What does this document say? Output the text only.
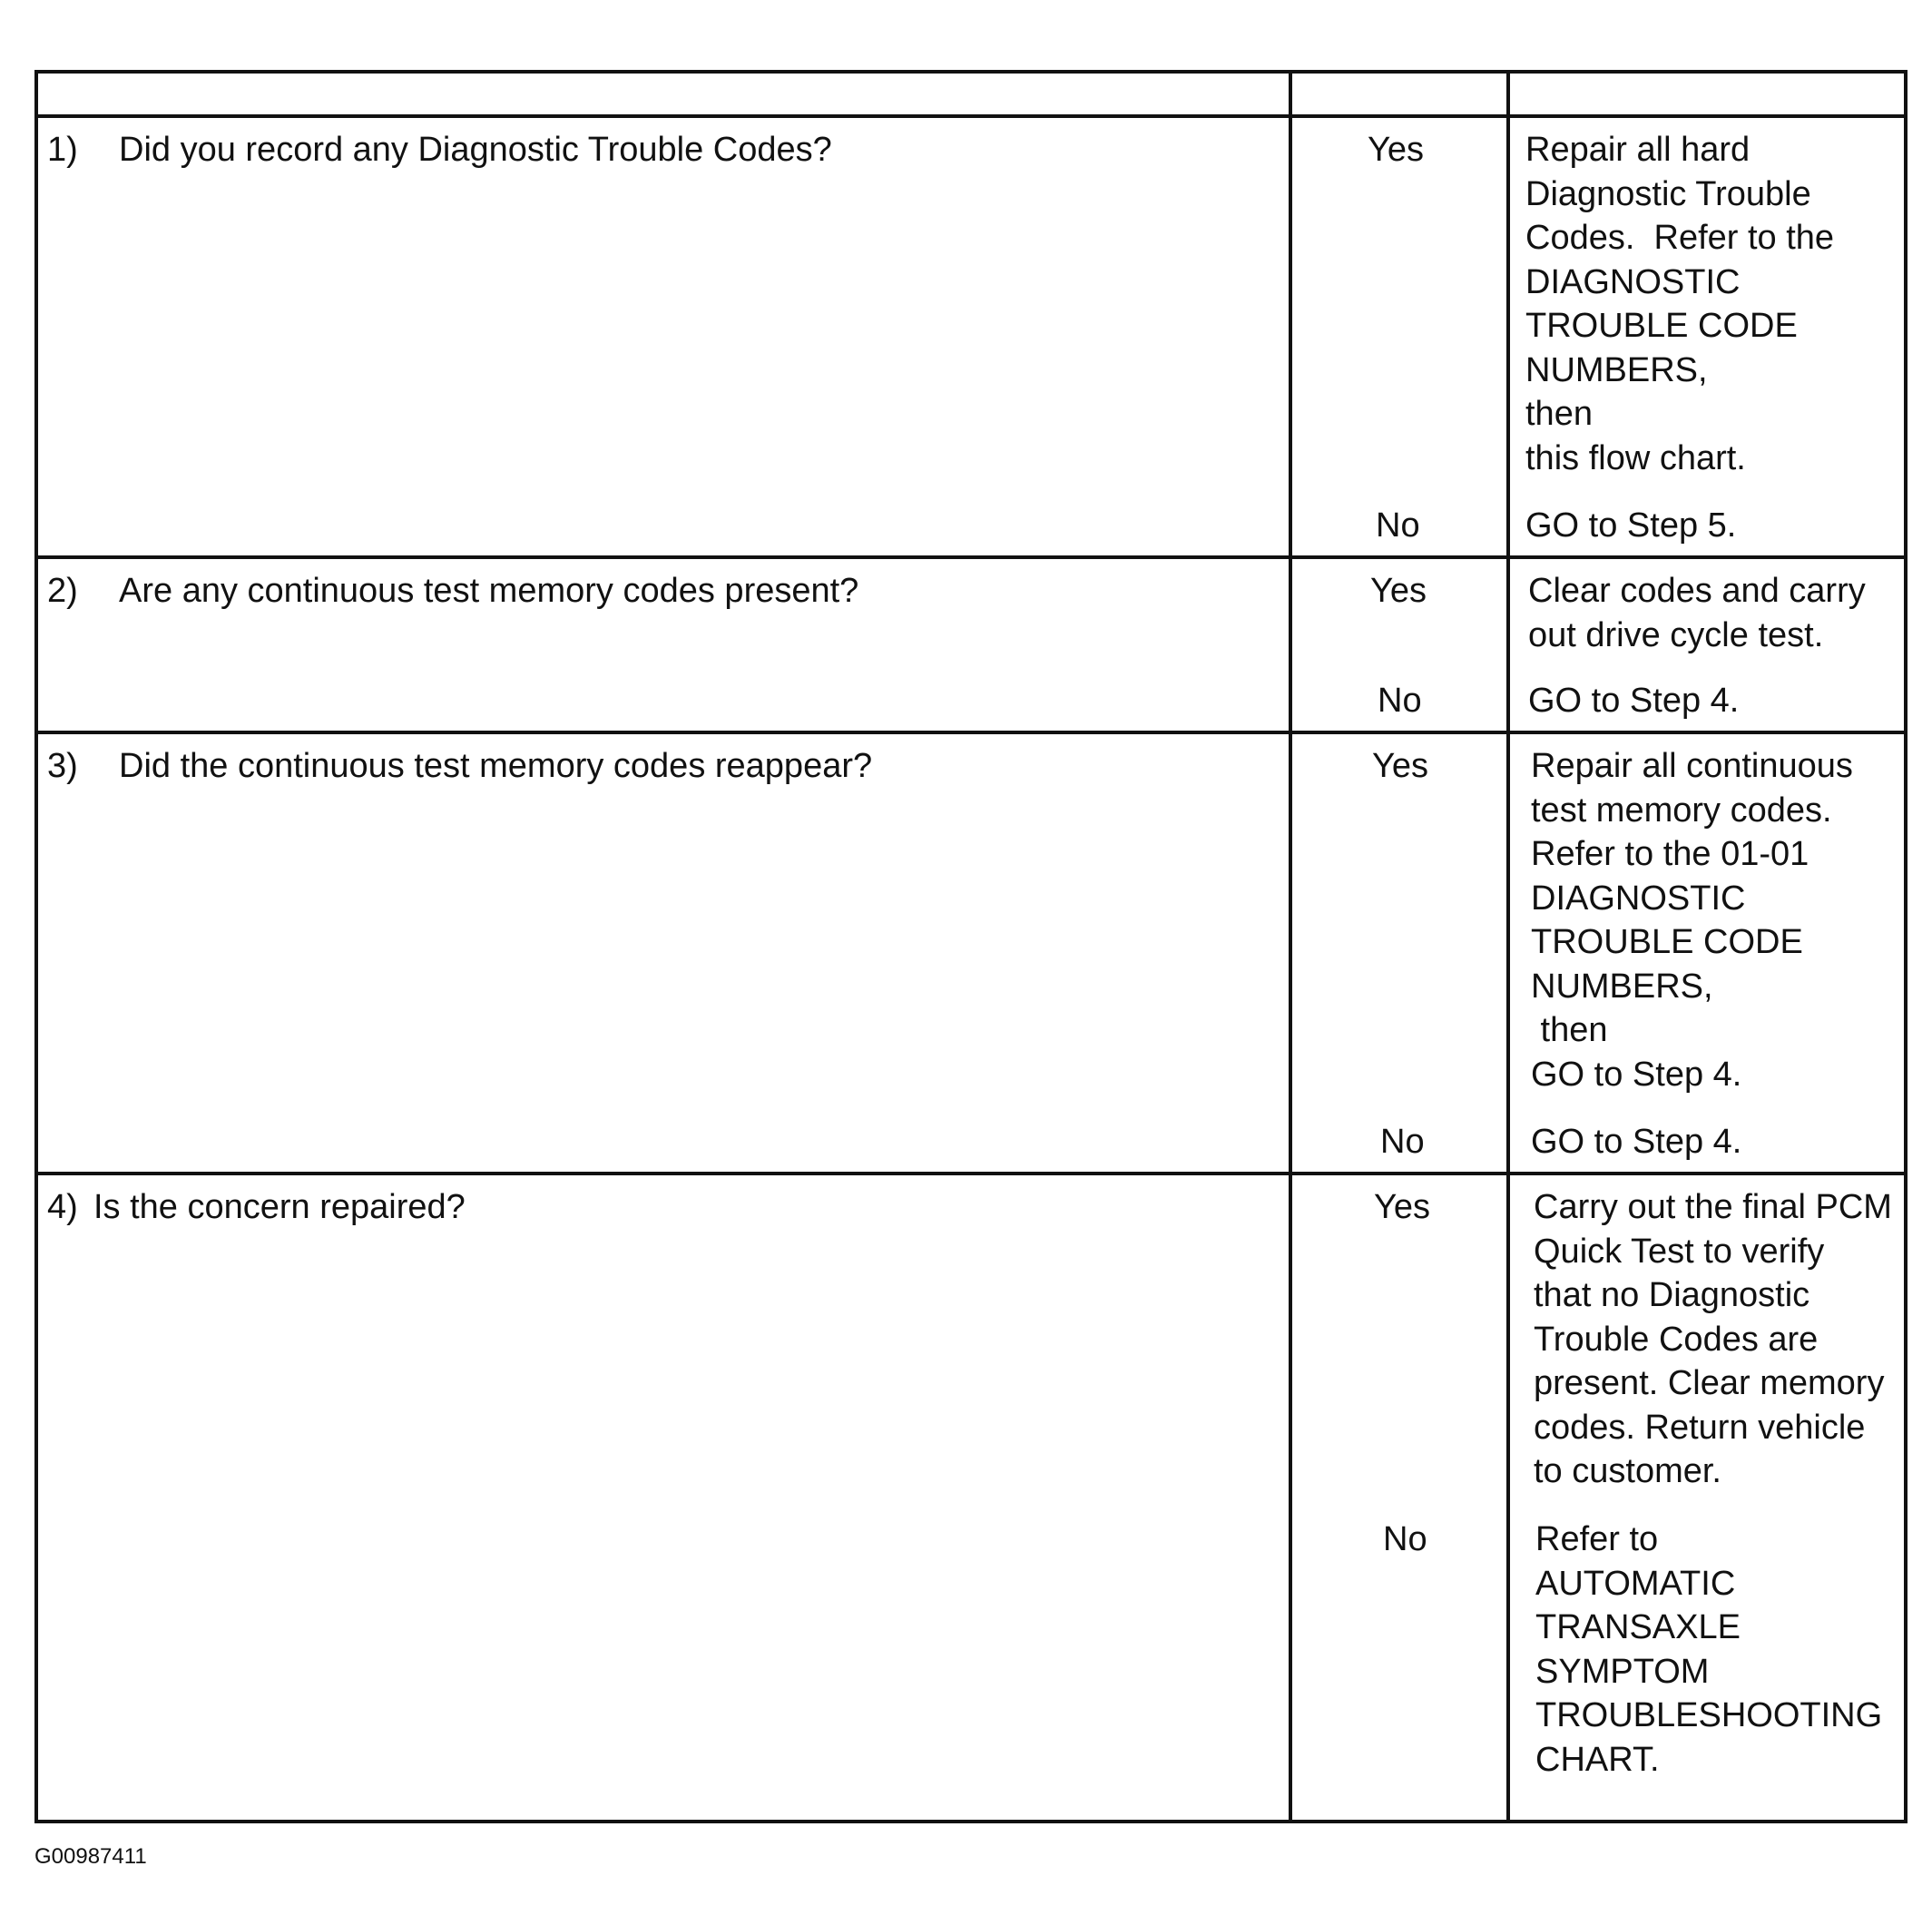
1) Did you record any Diagnostic Trouble Codes?	Yes	Repair all hard
Diagnostic Trouble
Codes.  Refer to the
DIAGNOSTIC
TROUBLE CODE
NUMBERS,
then
this flow chart.
No	GO to Step 5.
2) Are any continuous test memory codes present?	Yes	Clear codes and carry
out drive cycle test.
No	GO to Step 4.
3) Did the continuous test memory codes reappear?	Yes	Repair all continuous
test memory codes.
Refer to the 01-01
DIAGNOSTIC
TROUBLE CODE
NUMBERS,
then
GO to Step 4.
No	GO to Step 4.
4) Is the concern repaired?	Yes	Carry out the final PCM
Quick Test to verify
that no Diagnostic
Trouble Codes are
present. Clear memory
codes. Return vehicle
to customer.
No	Refer to
AUTOMATIC
TRANSAXLE
SYMPTOM
TROUBLESHOOTING
CHART.
G00987411
